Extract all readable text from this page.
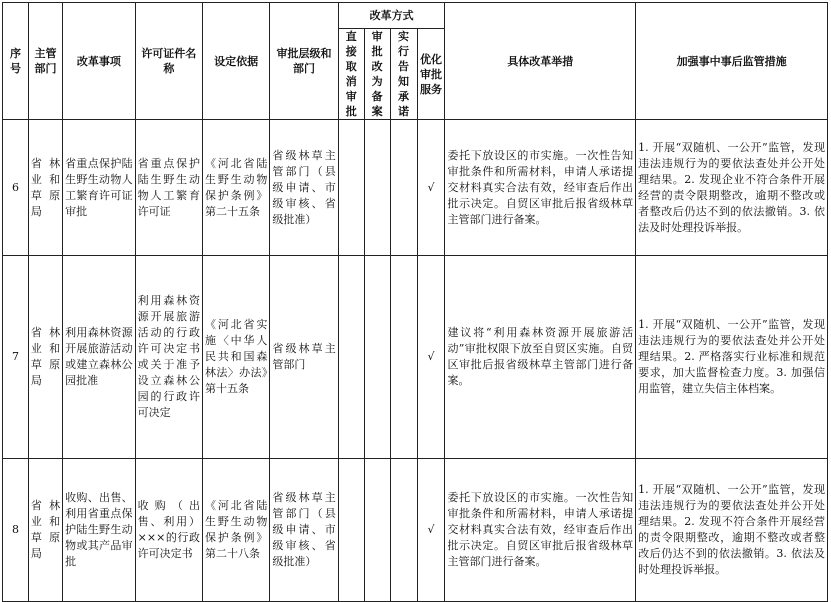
序号	主管部门	改革事项	许可证件名称	设定依据	审批层级和部门	改革方式				具体改革举措	加强事中事后监管措施
						直接取消审批	审批改为备案	实行告知承诺	优化审批服务		
6	省林业和草原局	省重点保护陆生野生动物人工繁育许可证审批	省重点保护陆生野生动物人工繁育许可证	《河北省陆生野生动物保护条例》第二十五条	省级林草主管部门（县级申请、市级审核、省级批准）				√	委托下放设区的市实施。一次性告知审批条件和所需材料，申请人承诺提交材料真实合法有效，经审查后作出批示决定。自贸区审批后报省级林草主管部门进行备案。	1. 开展“双随机、一公开”监管，发现违法违规行为的要依法查处并公开处理结果。2. 发现企业不符合条件开展经营的责令限期整改，逾期不整改或者整改后仍达不到的依法撤销。3. 依法及时处理投诉举报。
7	省林业和草原局	利用森林资源开展旅游活动或建立森林公园批准	利用森林资源开展旅游活动的行政许可决定书或关于准予设立森林公园的行政许可决定	《河北省实施〈中华人民共和国森林法〉办法》第十五条	省级林草主管部门				√	建议将“利用森林资源开展旅游活动”审批权限下放至自贸区实施。自贸区审批后报省级林草主管部门进行备案。	1. 开展“双随机、一公开”监管，发现违法违规行为的要依法查处并公开处理结果。2. 严格落实行业标准和规范要求，加大监督检查力度。3. 加强信用监管，建立失信主体档案。
8	省林业和草原局	收购、出售、利用省重点保护陆生野生动物或其产品审批	收购（出售、利用）×××的行政许可决定书	《河北省陆生野生动物保护条例》第二十八条	省级林草主管部门（县级申请、市级审核、省级批准）				√	委托下放设区的市实施。一次性告知审批条件和所需材料，申请人承诺提交材料真实合法有效，经审查后作出批示决定。自贸区审批后报省级林草主管部门进行备案。	1. 开展“双随机、一公开”监管，发现违法违规行为的要依法查处并公开处理结果。2. 发现不符合条件开展经营的责令限期整改，逾期不整改或者整改后仍达不到的依法撤销。3. 依法及时处理投诉举报。
